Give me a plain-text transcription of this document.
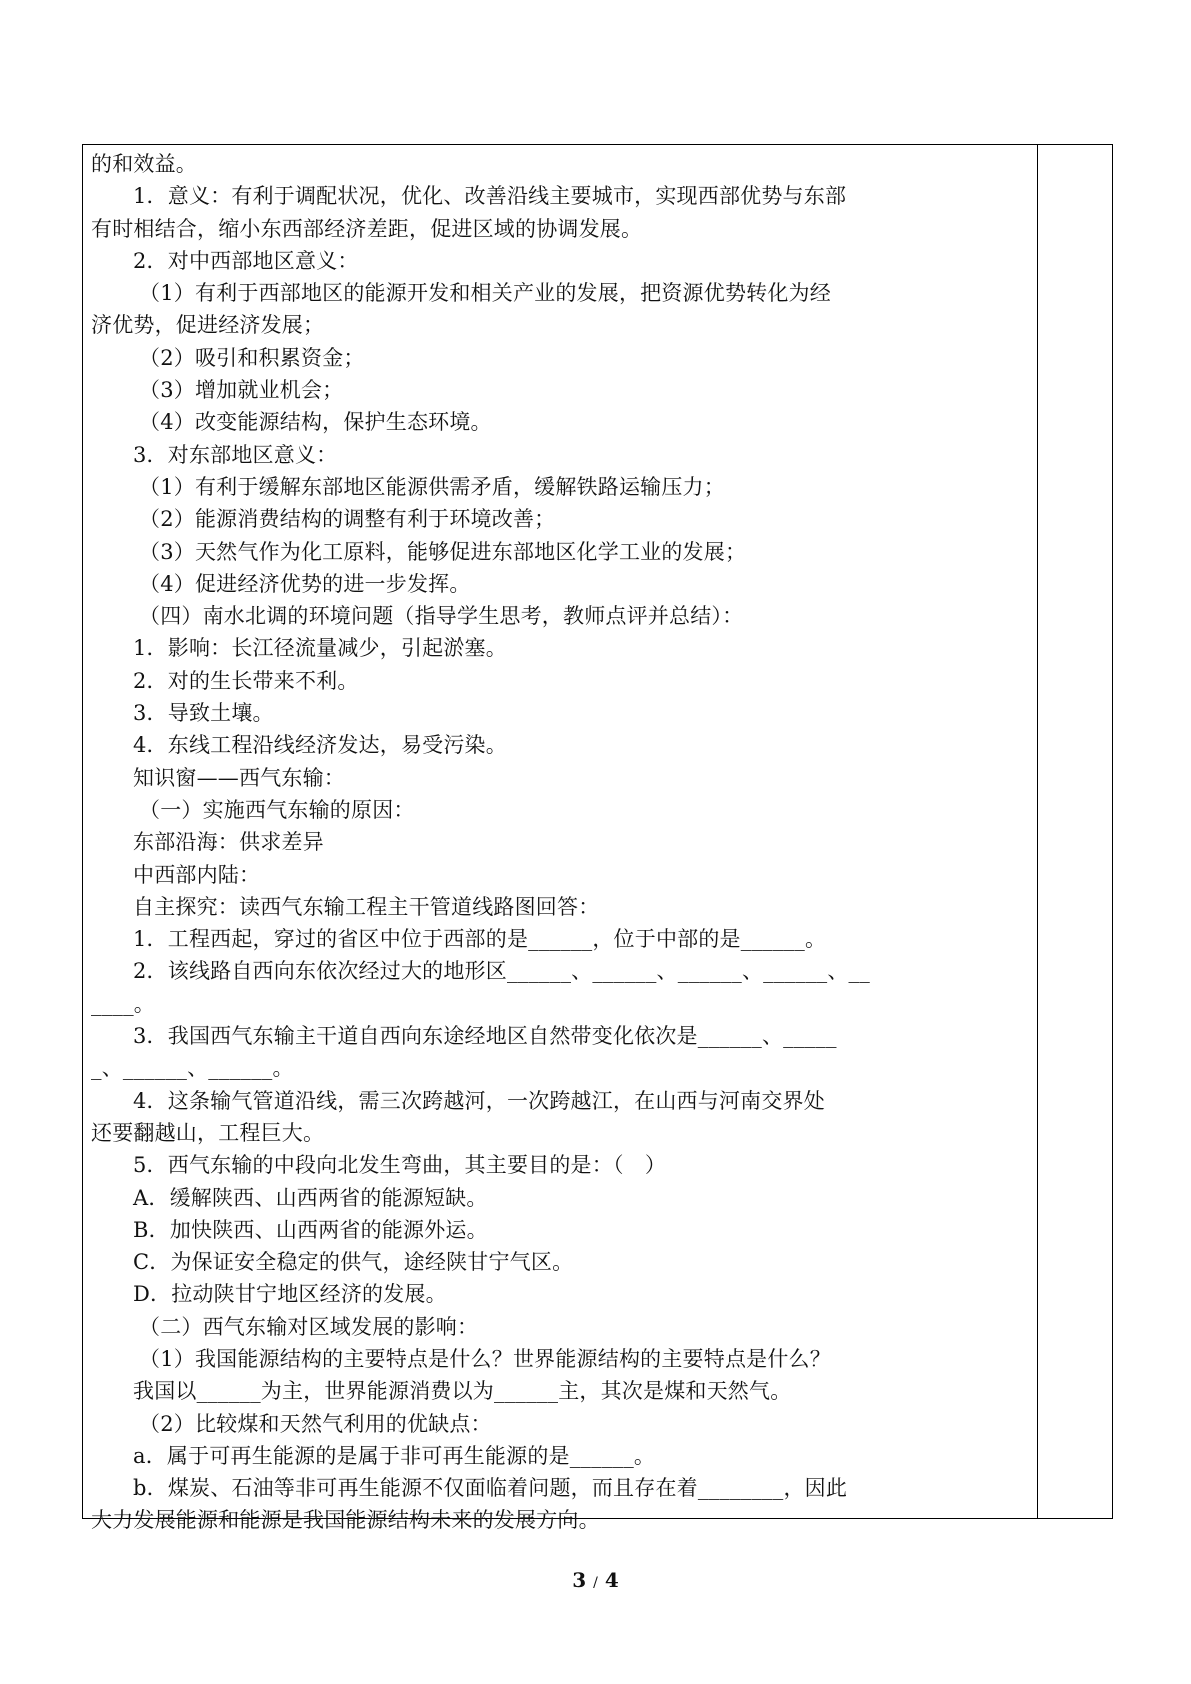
的和效益。
1．意义：有利于调配状况，优化、改善沿线主要城市，实现西部优势与东部
有时相结合，缩小东西部经济差距，促进区域的协调发展。
2．对中西部地区意义：
（1）有利于西部地区的能源开发和相关产业的发展，把资源优势转化为经
济优势，促进经济发展；
（2）吸引和积累资金；
（3）增加就业机会；
（4）改变能源结构，保护生态环境。
3．对东部地区意义：
（1）有利于缓解东部地区能源供需矛盾，缓解铁路运输压力；
（2）能源消费结构的调整有利于环境改善；
（3）天然气作为化工原料，能够促进东部地区化学工业的发展；
（4）促进经济优势的进一步发挥。
（四）南水北调的环境问题（指导学生思考，教师点评并总结）：
1．影响：长江径流量减少，引起淤塞。
2．对的生长带来不利。
3．导致土壤。
4．东线工程沿线经济发达，易受污染。
知识窗——西气东输：
（一）实施西气东输的原因：
东部沿海：供求差异
中西部内陆：
自主探究：读西气东输工程主干管道线路图回答：
1．工程西起，穿过的省区中位于西部的是______，位于中部的是______。
2．该线路自西向东依次经过大的地形区______、______、______、______、__
____。
3．我国西气东输主干道自西向东途经地区自然带变化依次是______、_____
_、______、______。
4．这条输气管道沿线，需三次跨越河，一次跨越江，在山西与河南交界处
还要翻越山，工程巨大。
5．西气东输的中段向北发生弯曲，其主要目的是：（　）
A．缓解陕西、山西两省的能源短缺。
B．加快陕西、山西两省的能源外运。
C．为保证安全稳定的供气，途经陕甘宁气区。
D．拉动陕甘宁地区经济的发展。
（二）西气东输对区域发展的影响：
（1）我国能源结构的主要特点是什么？世界能源结构的主要特点是什么？
我国以______为主，世界能源消费以为______主，其次是煤和天然气。
（2）比较煤和天然气利用的优缺点：
a．属于可再生能源的是属于非可再生能源的是______。
b．煤炭、石油等非可再生能源不仅面临着问题，而且存在着________，因此
大力发展能源和能源是我国能源结构未来的发展方向。
3 / 4
